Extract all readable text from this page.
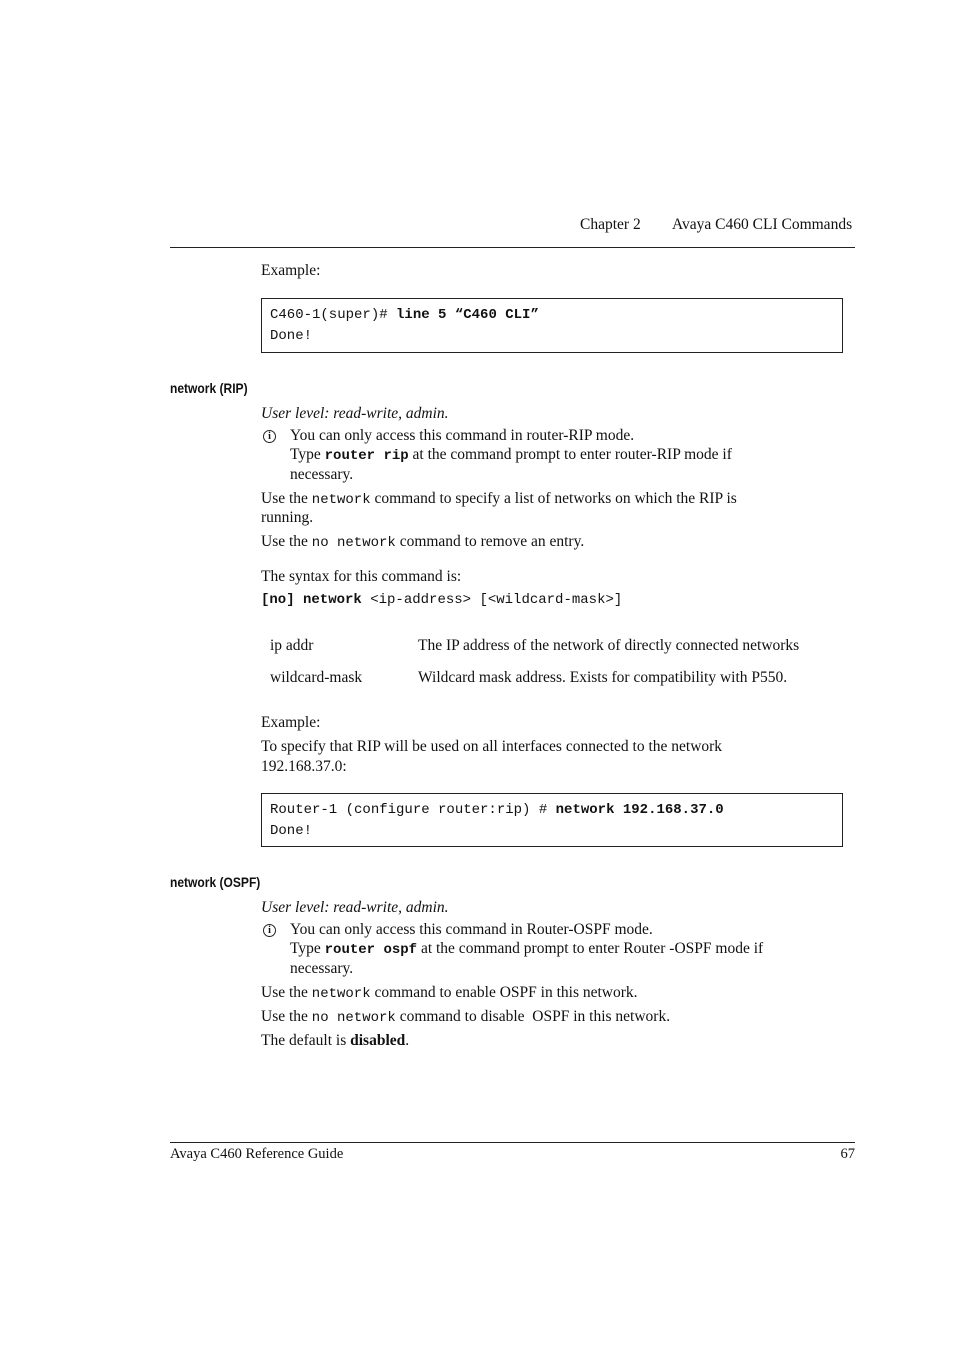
Chapter 2 Avaya C460 CLI Commands
Example:
C460-1(super)# line 5 “C460 CLI”
Done!
network (RIP)
User level: read-write, admin.
i	You can only access this command in router-RIP mode.
Type router rip at the command prompt to enter router-RIP mode if
necessary.
Use the network command to specify a list of networks on which the RIP is
running.
Use the no network command to remove an entry.
The syntax for this command is:
[no] network <ip-address> [<wildcard-mask>]
ip addr	The IP address of the network of directly connected networks
wildcard-mask	Wildcard mask address. Exists for compatibility with P550.
Example:
To specify that RIP will be used on all interfaces connected to the network
192.168.37.0:
Router-1 (configure router:rip) # network 192.168.37.0
Done!
network (OSPF)
User level: read-write, admin.
i	You can only access this command in Router-OSPF mode.
Type router ospf at the command prompt to enter Router -OSPF mode if
necessary.
Use the network command to enable OSPF in this network.
Use the no network command to disable  OSPF in this network.
The default is disabled.
Avaya C460 Reference Guide	67
